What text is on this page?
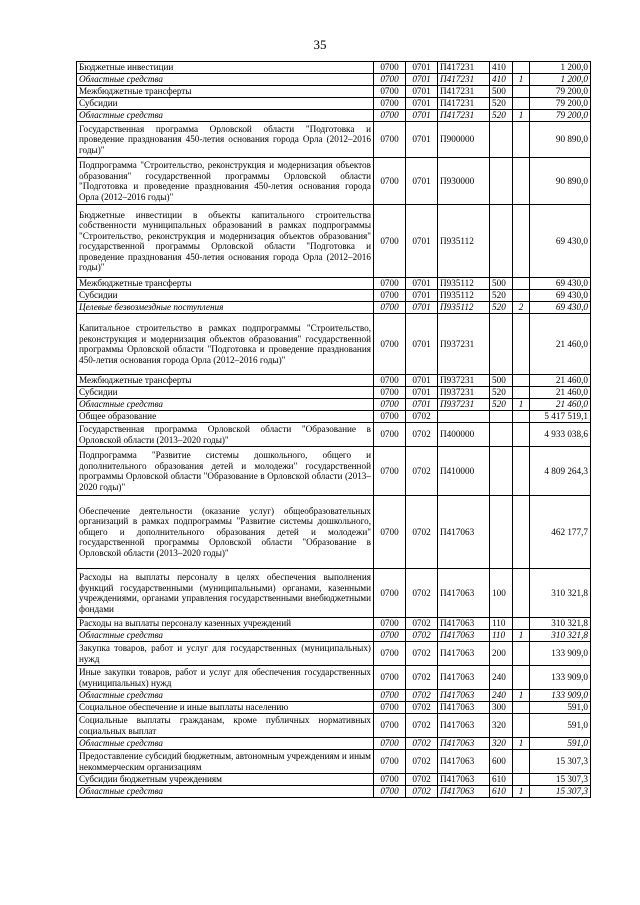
35
Бюджетные инвестиции	0700	0701	П417231	410		1 200,0
Областные средства	0700	0701	П417231	410	1	1 200,0
Межбюджетные трансферты	0700	0701	П417231	500		79 200,0
Субсидии	0700	0701	П417231	520		79 200,0
Областные средства	0700	0701	П417231	520	1	79 200,0
Государственная программа Орловской области "Подготовка и проведение празднования 450-летия основания города Орла (2012–2016 годы)"	0700	0701	П900000			90 890,0
Подпрограмма "Строительство, реконструкция и модернизация объектов образования" государственной программы Орловской области "Подготовка и проведение празднования 450-летия основания города Орла (2012–2016 годы)"	0700	0701	П930000			90 890,0
Бюджетные инвестиции в объекты капитального строительства собственности муниципальных образований в рамках подпрограммы "Строительство, реконструкция и модернизация объектов образования" государственной программы Орловской области "Подготовка и проведение празднования 450-летия основания города Орла (2012–2016 годы)"	0700	0701	П935112			69 430,0
Межбюджетные трансферты	0700	0701	П935112	500		69 430,0
Субсидии	0700	0701	П935112	520		69 430,0
Целевые безвозмездные поступления	0700	0701	П935112	520	2	69 430,0
Капитальное строительство в рамках подпрограммы "Строительство, реконструкция и модернизация объектов образования" государственной программы Орловской области "Подготовка и проведение празднования 450-летия основания города Орла (2012–2016 годы)"	0700	0701	П937231			21 460,0
Межбюджетные трансферты	0700	0701	П937231	500		21 460,0
Субсидии	0700	0701	П937231	520		21 460,0
Областные средства	0700	0701	П937231	520	1	21 460,0
Общее образование	0700	0702				5 417 519,1
Государственная программа Орловской области "Образование в Орловской области (2013–2020 годы)"	0700	0702	П400000			4 933 038,6
Подпрограмма "Развитие системы дошкольного, общего и дополнительного образования детей и молодежи" государственной программы Орловской области "Образование в Орловской области (2013–2020 годы)"	0700	0702	П410000			4 809 264,3
Обеспечение деятельности (оказание услуг) общеобразовательных организаций в рамках подпрограммы "Развитие системы дошкольного, общего и дополнительного образования детей и молодежи" государственной программы Орловской области "Образование в Орловской области (2013–2020 годы)"	0700	0702	П417063			462 177,7
Расходы на выплаты персоналу в целях обеспечения выполнения функций государственными (муниципальными) органами, казенными учреждениями, органами управления государственными внебюджетными фондами	0700	0702	П417063	100		310 321,8
Расходы на выплаты персоналу казенных учреждений	0700	0702	П417063	110		310 321,8
Областные средства	0700	0702	П417063	110	1	310 321,8
Закупка товаров, работ и услуг для государственных (муниципальных) нужд	0700	0702	П417063	200		133 909,0
Иные закупки товаров, работ и услуг для обеспечения государственных (муниципальных) нужд	0700	0702	П417063	240		133 909,0
Областные средства	0700	0702	П417063	240	1	133 909,0
Социальное обеспечение и иные выплаты населению	0700	0702	П417063	300		591,0
Социальные выплаты гражданам, кроме публичных нормативных социальных выплат	0700	0702	П417063	320		591,0
Областные средства	0700	0702	П417063	320	1	591,0
Предоставление субсидий бюджетным, автономным учреждениям и иным некоммерческим организациям	0700	0702	П417063	600		15 307,3
Субсидии бюджетным учреждениям	0700	0702	П417063	610		15 307,3
Областные средства	0700	0702	П417063	610	1	15 307,3
